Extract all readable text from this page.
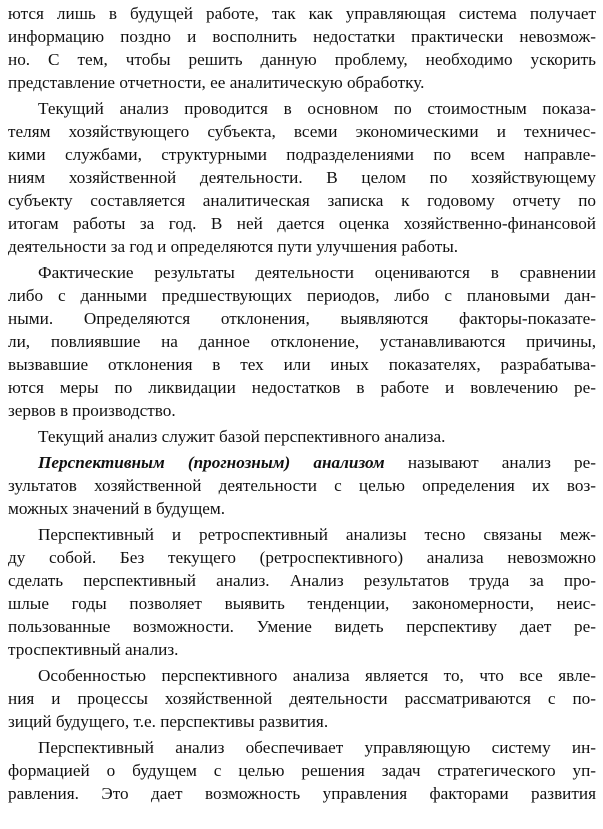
ются лишь в будущей работе, так как управляющая система получает
информацию поздно и восполнить недостатки практически невозмож-
но. С тем, чтобы решить данную проблему, необходимо ускорить
представление отчетности, ее аналитическую обработку.
Текущий анализ проводится в основном по стоимостным показа-
телям хозяйствующего субъекта, всеми экономическими и техничес-
кими службами, структурными подразделениями по всем направле-
ниям хозяйственной деятельности. В целом по хозяйствующему
субъекту составляется аналитическая записка к годовому отчету по
итогам работы за год. В ней дается оценка хозяйственно-финансовой
деятельности за год и определяются пути улучшения работы.
Фактические результаты деятельности оцениваются в сравнении
либо с данными предшествующих периодов, либо с плановыми дан-
ными. Определяются отклонения, выявляются факторы-показате-
ли, повлиявшие на данное отклонение, устанавливаются причины,
вызвавшие отклонения в тех или иных показателях, разрабатыва-
ются меры по ликвидации недостатков в работе и вовлечению ре-
зервов в производство.
Текущий анализ служит базой перспективного анализа.
Перспективным (прогнозным) анализом называют анализ ре-
зультатов хозяйственной деятельности с целью определения их воз-
можных значений в будущем.
Перспективный и ретроспективный анализы тесно связаны меж-
ду собой. Без текущего (ретроспективного) анализа невозможно
сделать перспективный анализ. Анализ результатов труда за про-
шлые годы позволяет выявить тенденции, закономерности, неис-
пользованные возможности. Умение видеть перспективу дает ре-
троспективный анализ.
Особенностью перспективного анализа является то, что все явле-
ния и процессы хозяйственной деятельности рассматриваются с по-
зиций будущего, т.е. перспективы развития.
Перспективный анализ обеспечивает управляющую систему ин-
формацией о будущем с целью решения задач стратегического уп-
равления. Это дает возможность управления факторами развития
